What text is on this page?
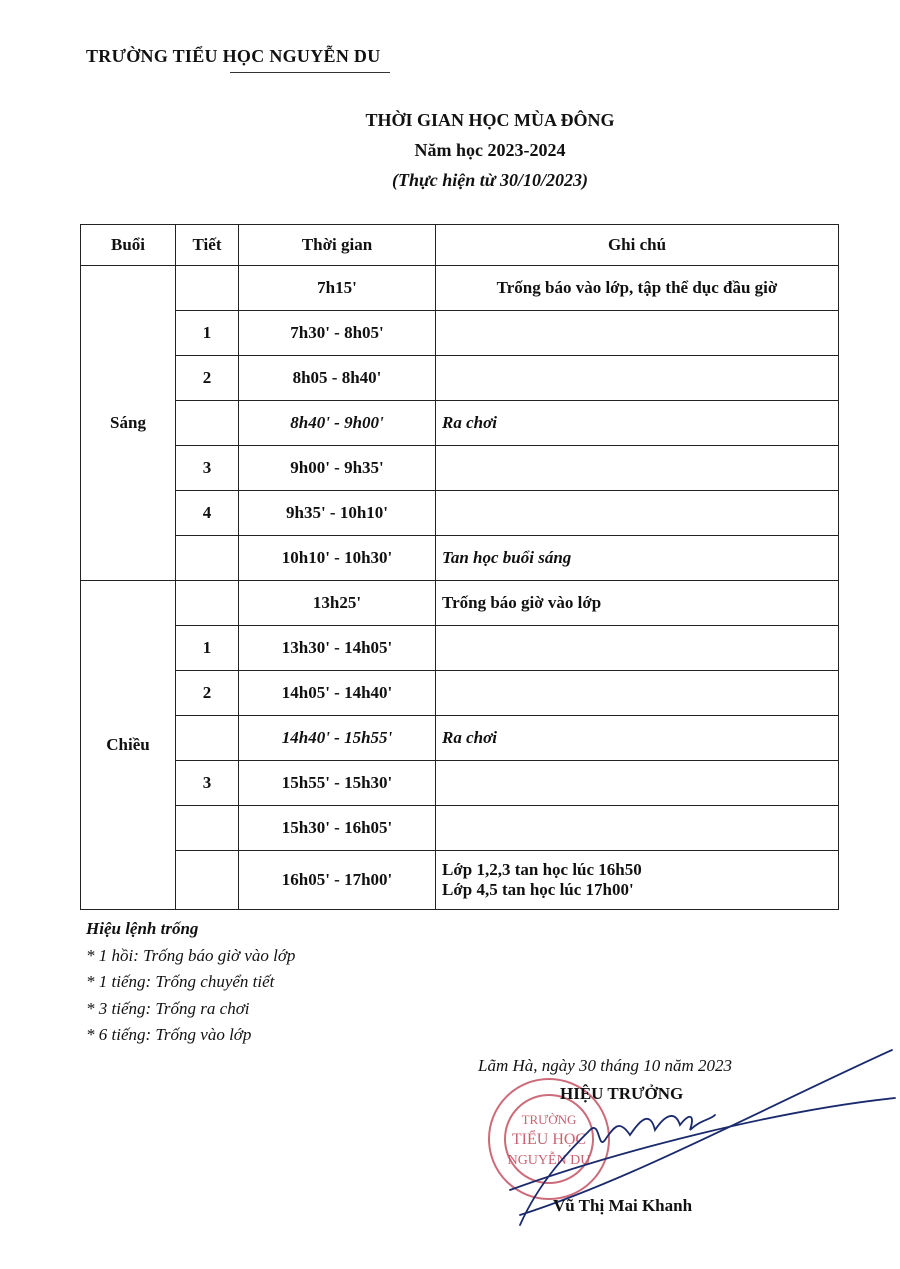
TRƯỜNG TIỂU HỌC NGUYỄN DU
THỜI GIAN HỌC MÙA ĐÔNG
Năm học 2023-2024
(Thực hiện từ 30/10/2023)
Buổi	Tiết	Thời gian	Ghi chú
Sáng		7h15'	Trống báo vào lớp, tập thể dục đầu giờ

	1	7h30' - 8h05'	

	2	8h05 - 8h40'	

		8h40' - 9h00'	Ra chơi

	3	9h00' - 9h35'	

	4	9h35' - 10h10'	

		10h10' - 10h30'	Tan học buổi sáng

Chiều		13h25'	Trống báo giờ vào lớp

	1	13h30' - 14h05'	

	2	14h05' - 14h40'	

		14h40' - 15h55'	Ra chơi

	3	15h55' - 15h30'	

		15h30' - 16h05'	

		16h05' - 17h00'	Lớp 1,2,3 tan học lúc 16h50
Lớp 4,5 tan học lúc 17h00'
Hiệu lệnh trống
* 1 hồi: Trống báo giờ vào lớp
* 1 tiếng: Trống chuyển tiết
* 3 tiếng: Trống ra chơi
* 6 tiếng: Trống vào lớp
TRƯỜNG
TIỂU HỌC
NGUYỄN DU
Lãm Hà, ngày 30 tháng 10 năm 2023
HIỆU TRƯỞNG
Vũ Thị Mai Khanh
